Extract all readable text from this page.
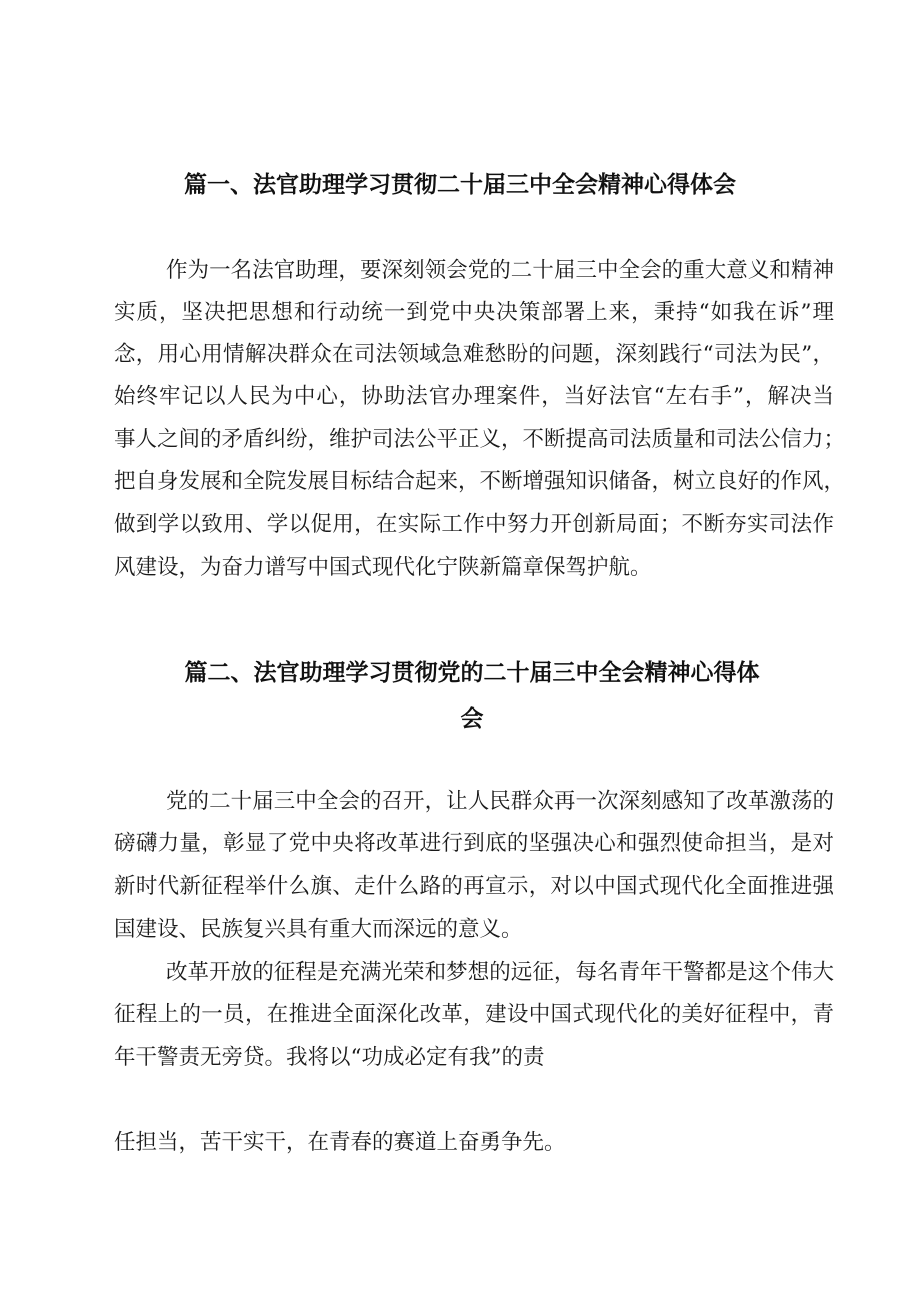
篇一、法官助理学习贯彻二十届三中全会精神心得体会
作为一名法官助理，要深刻领会党的二十届三中全会的重大意义和精神
实质，坚决把思想和行动统一到党中央决策部署上来，秉持“如我在诉”理
念，用心用情解决群众在司法领域急难愁盼的问题，深刻践行“司法为民”，
始终牢记以人民为中心，协助法官办理案件，当好法官“左右手”，解决当
事人之间的矛盾纠纷，维护司法公平正义，不断提高司法质量和司法公信力；
把自身发展和全院发展目标结合起来，不断增强知识储备，树立良好的作风，
做到学以致用、学以促用，在实际工作中努力开创新局面；不断夯实司法作
风建设，为奋力谱写中国式现代化宁陕新篇章保驾护航。
篇二、法官助理学习贯彻党的二十届三中全会精神心得体
会
党的二十届三中全会的召开，让人民群众再一次深刻感知了改革激荡的
磅礴力量，彰显了党中央将改革进行到底的坚强决心和强烈使命担当，是对
新时代新征程举什么旗、走什么路的再宣示，对以中国式现代化全面推进强
国建设、民族复兴具有重大而深远的意义。
改革开放的征程是充满光荣和梦想的远征，每名青年干警都是这个伟大
征程上的一员，在推进全面深化改革，建设中国式现代化的美好征程中，青
年干警责无旁贷。我将以“功成必定有我”的责
任担当，苦干实干，在青春的赛道上奋勇争先。
